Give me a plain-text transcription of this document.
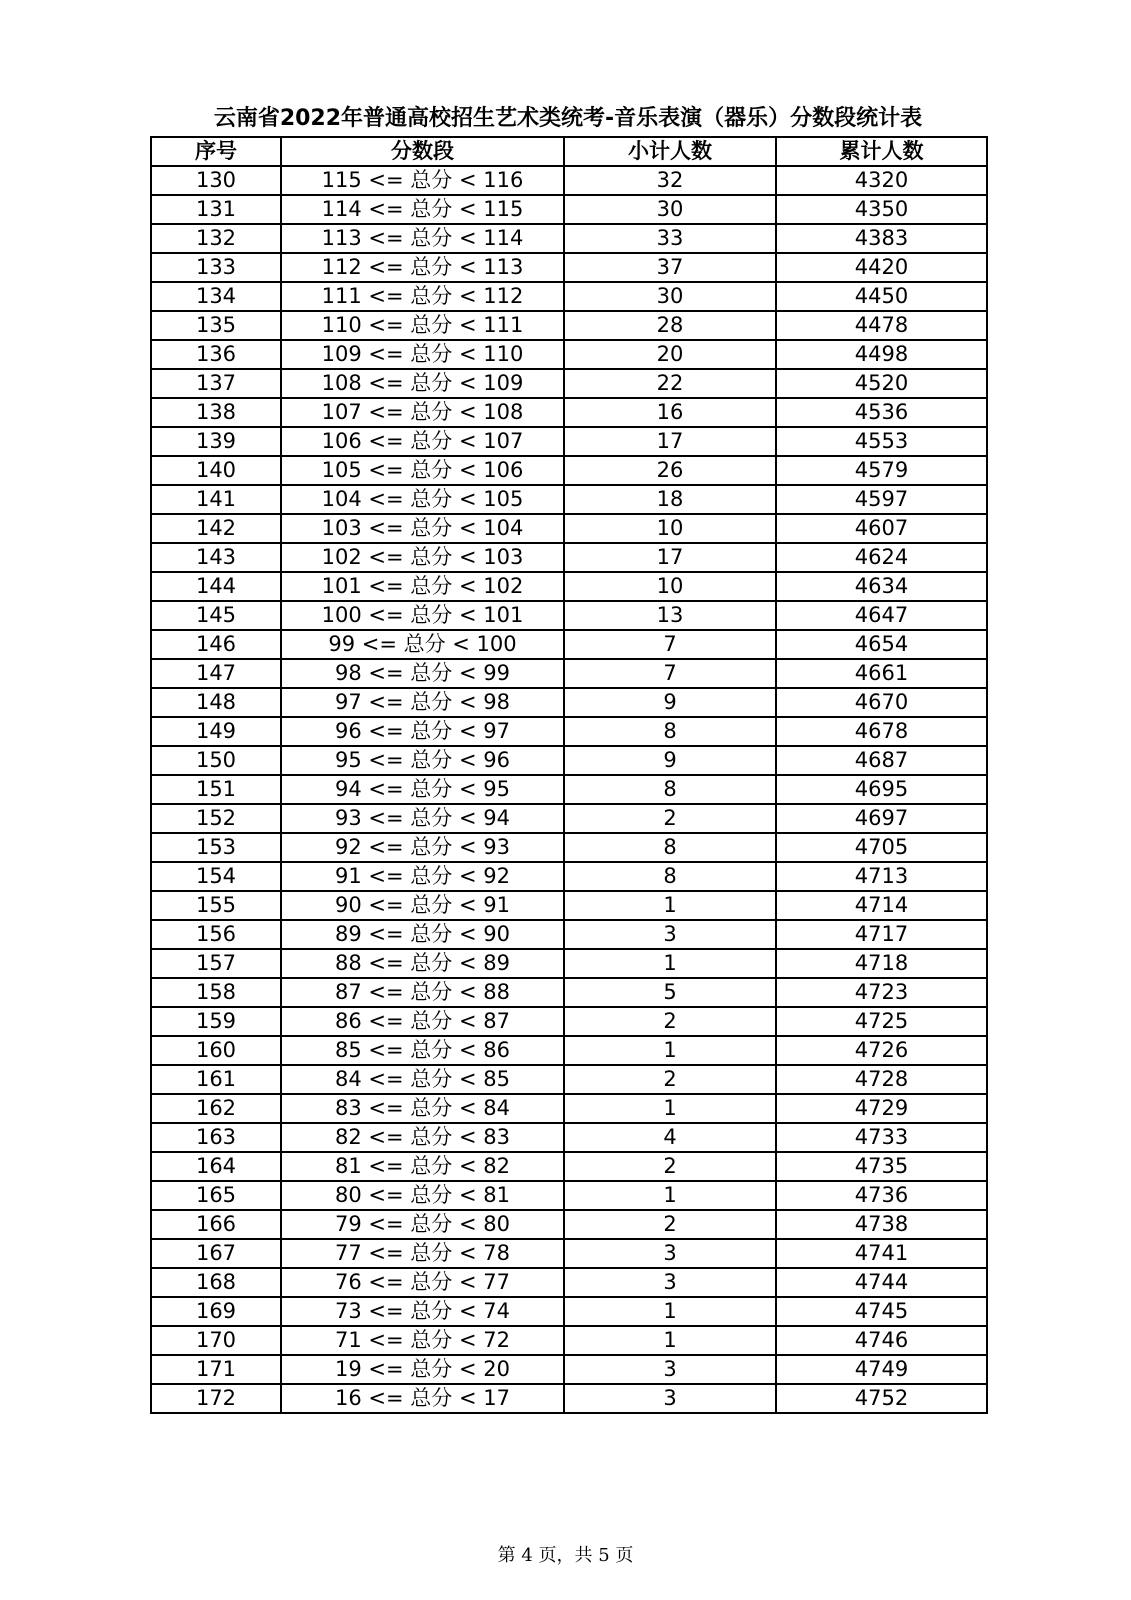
云南省2022年普通高校招生艺术类统考-音乐表演（器乐）分数段统计表
序号	分数段	小计人数	累计人数
130	115 <= 总分 < 116	32	4320
131	114 <= 总分 < 115	30	4350
132	113 <= 总分 < 114	33	4383
133	112 <= 总分 < 113	37	4420
134	111 <= 总分 < 112	30	4450
135	110 <= 总分 < 111	28	4478
136	109 <= 总分 < 110	20	4498
137	108 <= 总分 < 109	22	4520
138	107 <= 总分 < 108	16	4536
139	106 <= 总分 < 107	17	4553
140	105 <= 总分 < 106	26	4579
141	104 <= 总分 < 105	18	4597
142	103 <= 总分 < 104	10	4607
143	102 <= 总分 < 103	17	4624
144	101 <= 总分 < 102	10	4634
145	100 <= 总分 < 101	13	4647
146	99 <= 总分 < 100	7	4654
147	98 <= 总分 < 99	7	4661
148	97 <= 总分 < 98	9	4670
149	96 <= 总分 < 97	8	4678
150	95 <= 总分 < 96	9	4687
151	94 <= 总分 < 95	8	4695
152	93 <= 总分 < 94	2	4697
153	92 <= 总分 < 93	8	4705
154	91 <= 总分 < 92	8	4713
155	90 <= 总分 < 91	1	4714
156	89 <= 总分 < 90	3	4717
157	88 <= 总分 < 89	1	4718
158	87 <= 总分 < 88	5	4723
159	86 <= 总分 < 87	2	4725
160	85 <= 总分 < 86	1	4726
161	84 <= 总分 < 85	2	4728
162	83 <= 总分 < 84	1	4729
163	82 <= 总分 < 83	4	4733
164	81 <= 总分 < 82	2	4735
165	80 <= 总分 < 81	1	4736
166	79 <= 总分 < 80	2	4738
167	77 <= 总分 < 78	3	4741
168	76 <= 总分 < 77	3	4744
169	73 <= 总分 < 74	1	4745
170	71 <= 总分 < 72	1	4746
171	19 <= 总分 < 20	3	4749
172	16 <= 总分 < 17	3	4752
第 4 页，共 5 页
